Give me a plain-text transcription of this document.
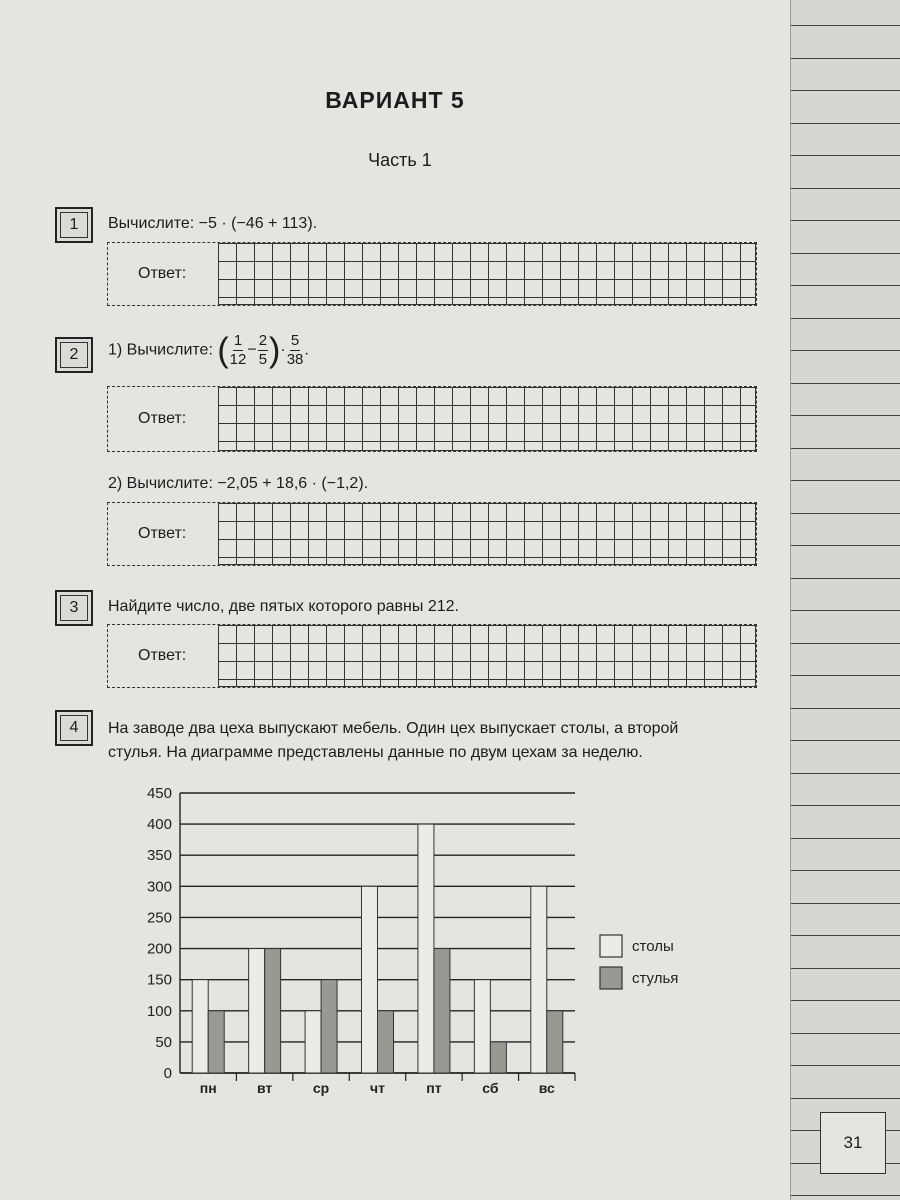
ВАРИАНТ 5
Часть 1
1	Вычислите: −5 · (−46 + 113).
Ответ:
2	1) Вычислите: ( $\frac{1}{12} - \frac{2}{5}$ )· $\frac{5}{38}$ .
Ответ:
2) Вычислите: −2,05 + 18,6 · (−1,2).
Ответ:
3	Найдите число, две пятых которого равны 212.
Ответ:
4	На заводе два цеха выпускают мебель. Один цех выпускает столы, а второй
стулья. На диаграмме представлены данные по двум цехам за неделю.
0
50
100
150
200
250
300
350
400
450
пн	вт	ср	чт	пт	сб	вс
столы
стулья
31
